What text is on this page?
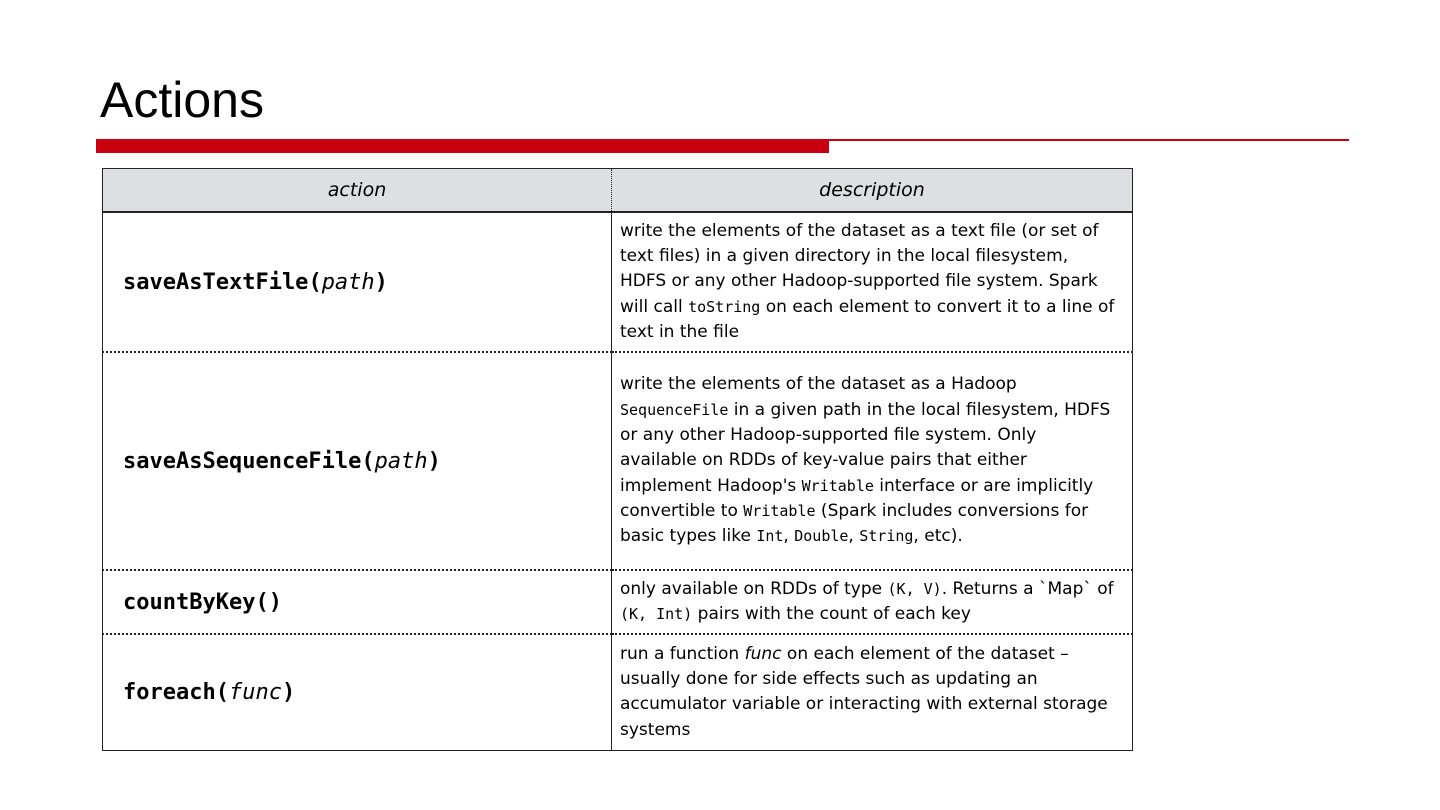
Actions
action	description
saveAsTextFile(path)	write the elements of the dataset as a text file (or set of text files) in a given directory in the local filesystem, HDFS or any other Hadoop-supported file system. Spark will call toString on each element to convert it to a line of text in the file
saveAsSequenceFile(path)	write the elements of the dataset as a Hadoop SequenceFile in a given path in the local filesystem, HDFS or any other Hadoop-supported file system. Only available on RDDs of key-value pairs that either implement Hadoop's Writable interface or are implicitly convertible to Writable (Spark includes conversions for basic types like Int, Double, String, etc).
countByKey()	only available on RDDs of type (K, V). Returns a `Map` of (K, Int) pairs with the count of each key
foreach(func)	run a function func on each element of the dataset – usually done for side effects such as updating an accumulator variable or interacting with external storage systems
